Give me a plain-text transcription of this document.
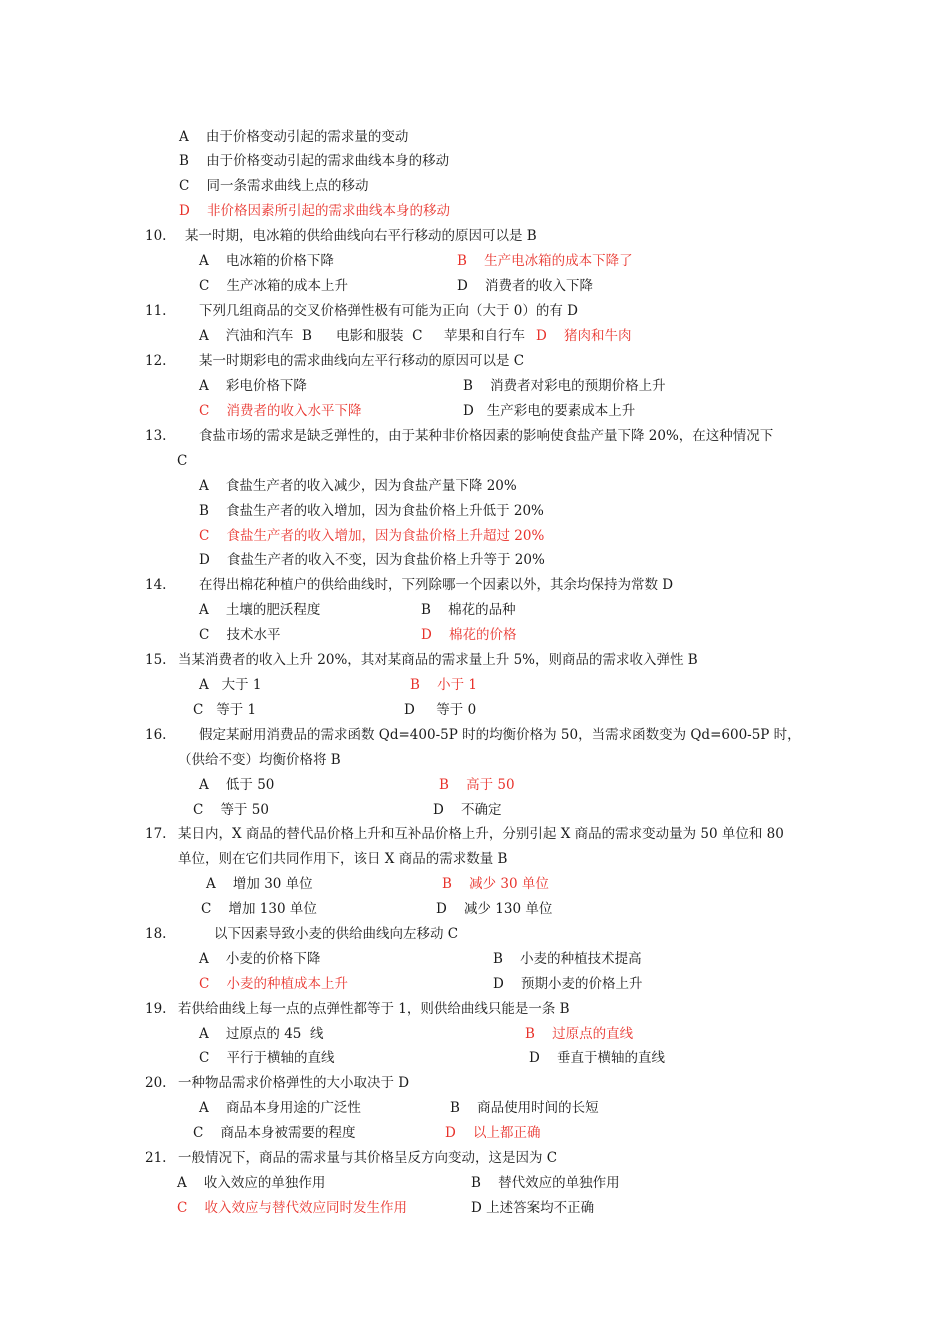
A    由于价格变动引起的需求量的变动
B    由于价格变动引起的需求曲线本身的移动
C    同一条需求曲线上点的移动
D    非价格因素所引起的需求曲线本身的移动
10. 某一时期，电冰箱的供给曲线向右平行移动的原因可以是 B
A    电冰箱的价格下降	B    生产电冰箱的成本下降了
C    生产冰箱的成本上升	D    消费者的收入下降
11. 下列几组商品的交叉价格弹性极有可能为正向（大于 0）的有 D
A    汽油和汽车  B 电影和服装  C 苹果和自行车 D    猪肉和牛肉
12. 某一时期彩电的需求曲线向左平行移动的原因可以是 C
A    彩电价格下降	B    消费者对彩电的预期价格上升
C    消费者的收入水平下降	D   生产彩电的要素成本上升
13. 食盐市场的需求是缺乏弹性的，由于某种非价格因素的影响使食盐产量下降 20%，在这种情况下
C
A    食盐生产者的收入减少，因为食盐产量下降 20%
B    食盐生产者的收入增加，因为食盐价格上升低于 20%
C    食盐生产者的收入增加，因为食盐价格上升超过 20%
D    食盐生产者的收入不变，因为食盐价格上升等于 20%
14. 在得出棉花种植户的供给曲线时，下列除哪一个因素以外，其余均保持为常数 D
A    土壤的肥沃程度	B    棉花的品种
C    技术水平	D    棉花的价格
15. 当某消费者的收入上升 20%，其对某商品的需求量上升 5%，则商品的需求收入弹性 B
A   大于 1	B    小于 1
C   等于 1	D     等于 0
16. 假定某耐用消费品的需求函数 Qd=400-5P 时的均衡价格为 50，当需求函数变为 Qd=600-5P 时，
（供给不变）均衡价格将 B
A    低于 50	B    高于 50
C    等于 50	D    不确定
17. 某日内，X 商品的替代品价格上升和互补品价格上升，分别引起 X 商品的需求变动量为 50 单位和 80
单位，则在它们共同作用下，该日 X 商品的需求数量 B
A    增加 30 单位	B    减少 30 单位
C    增加 130 单位	D    减少 130 单位
18.	以下因素导致小麦的供给曲线向左移动 C
A    小麦的价格下降	B    小麦的种植技术提高
C    小麦的种植成本上升	D    预期小麦的价格上升
19. 若供给曲线上每一点的点弹性都等于 1，则供给曲线只能是一条 B
A    过原点的 45  线	B    过原点的直线
C    平行于横轴的直线	D    垂直于横轴的直线
20. 一种物品需求价格弹性的大小取决于 D
A    商品本身用途的广泛性	B    商品使用时间的长短
C    商品本身被需要的程度	D    以上都正确
21. 一般情况下，商品的需求量与其价格呈反方向变动，这是因为 C
A    收入效应的单独作用	B    替代效应的单独作用
C    收入效应与替代效应同时发生作用	D 上述答案均不正确
